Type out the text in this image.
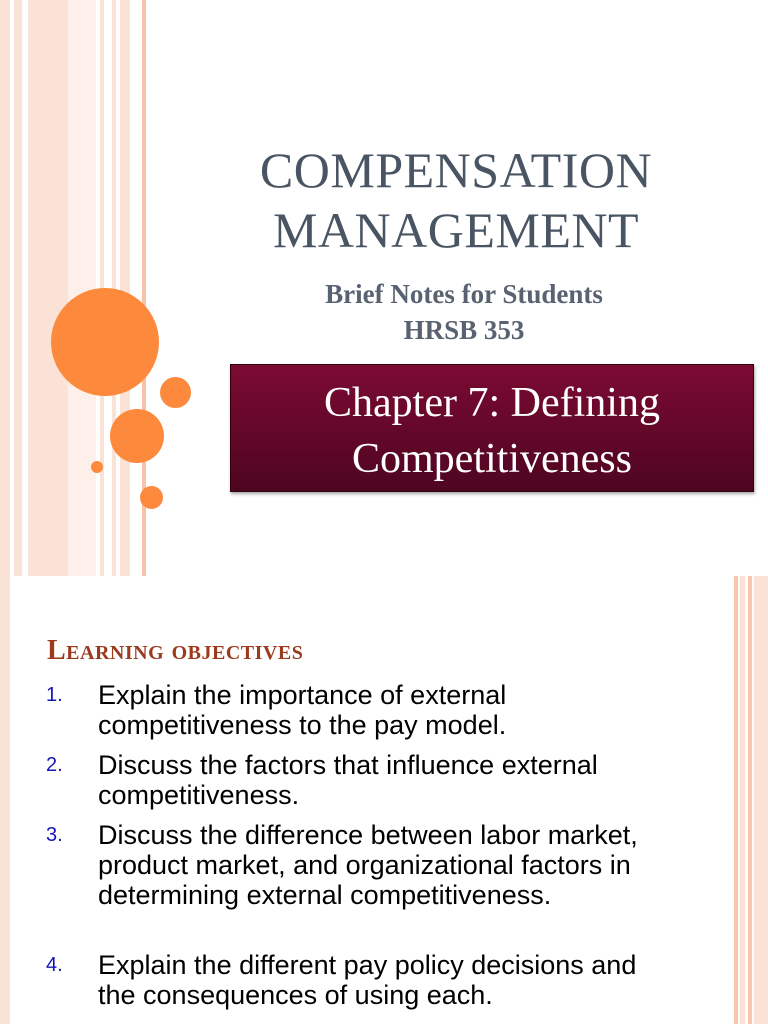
COMPENSATION
MANAGEMENT
Brief Notes for Students
HRSB 353
Chapter 7: Defining
Competitiveness
Learning objectives
1. Explain the importance of external competitiveness to the pay model.
2. Discuss the factors that influence external competitiveness.
3. Discuss the difference between labor market, product market, and organizational factors in determining external competitiveness.
4. Explain the different pay policy decisions and the consequences of using each.
